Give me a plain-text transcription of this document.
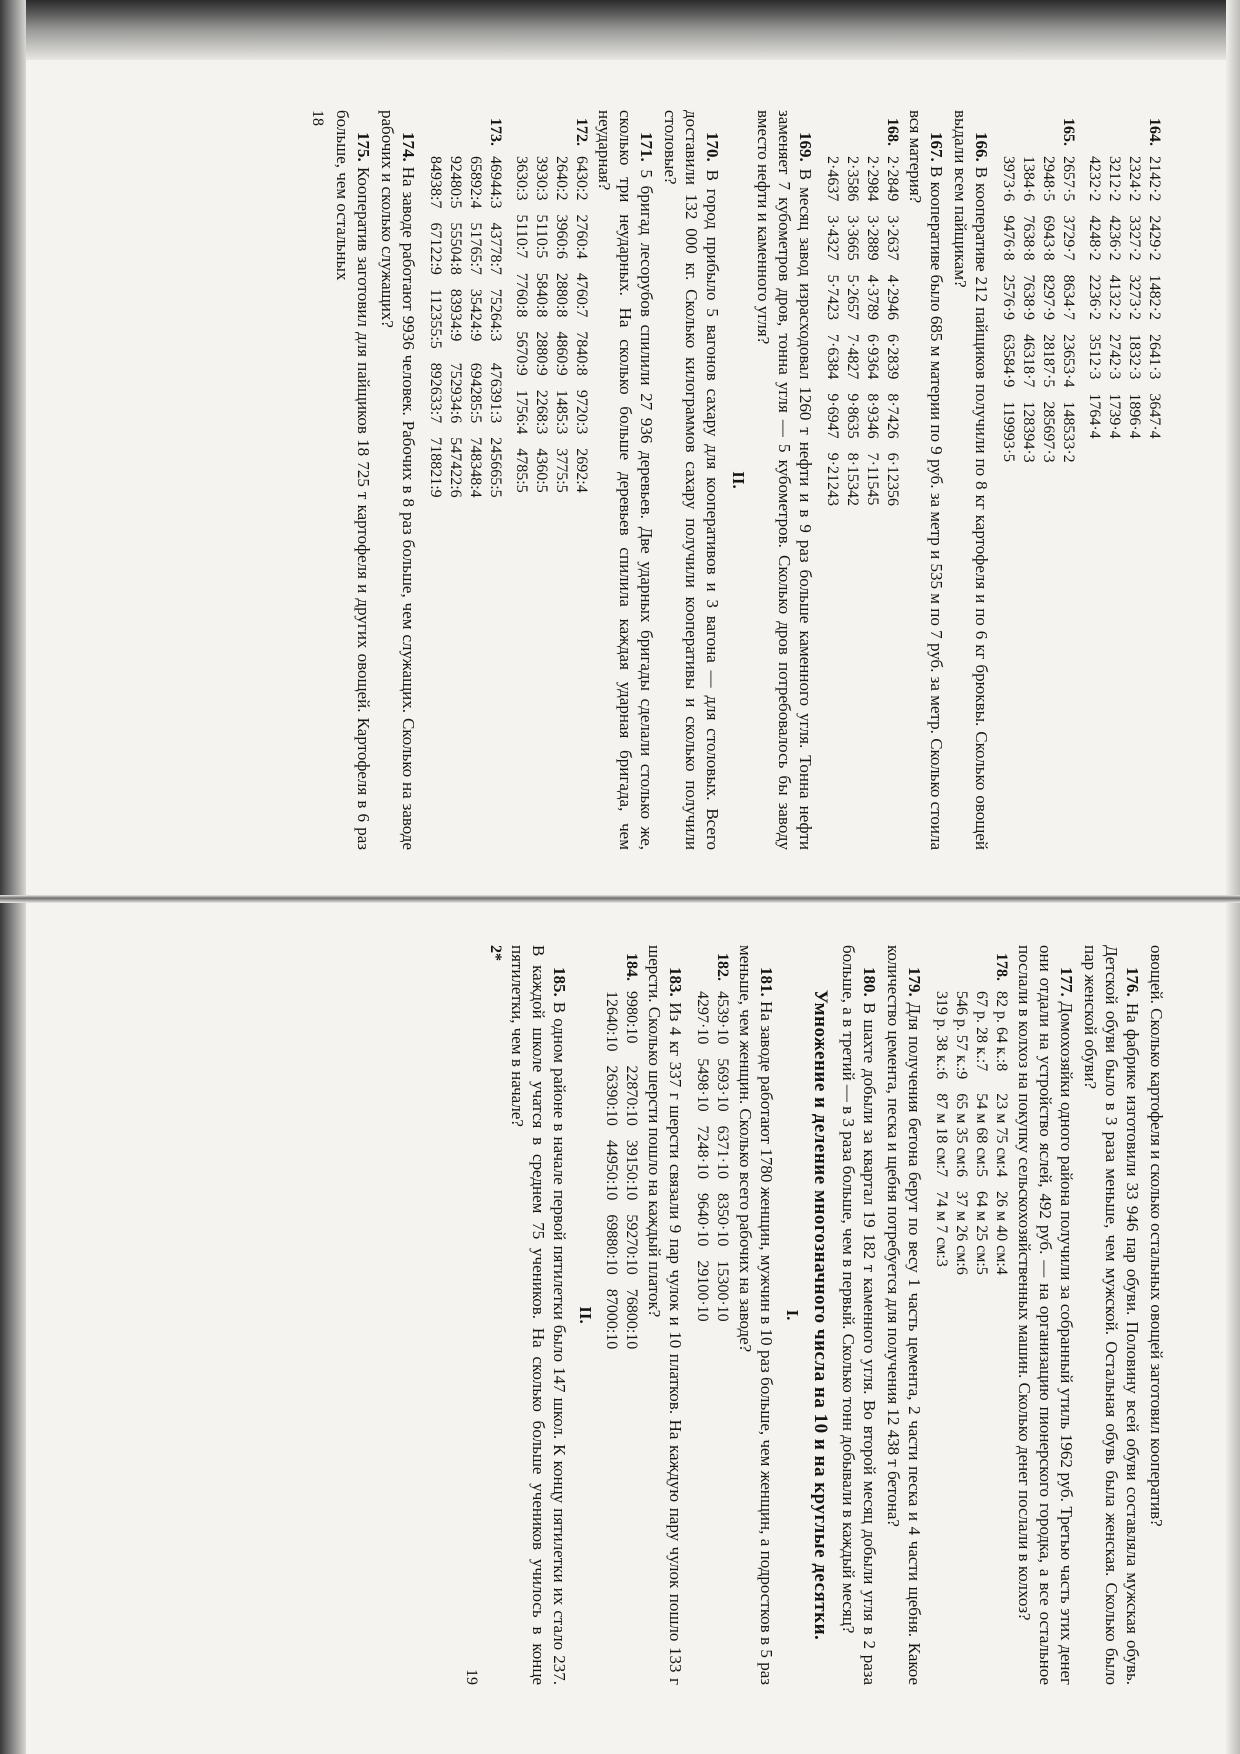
164.	2142·2	2429·2	1482·2	2641·3	3647·4
	2324·2	3327·2	3273·2	1832·3	1896·4
	3212·2	4236·2	4132·2	2742·3	1739·4
	4232·2	4248·2	2236·2	3512·3	1764·4
165.	2657·5	3729·7	8634·7	23653·4	148533·2
	2948·5	6943·8	8297·9	28187·5	285697·3
	1384·6	7638·8	7638·9	46318·7	128394·3
	3973·6	9476·8	2576·9	63584·9	119993·5

166. В кооперативе 212 пайщиков получили по 8 кг картофеля и по 6 кг брюквы. Сколько овощей выдали всем пайщикам?

167. В кооперативе было 685 м материи по 9 руб. за метр и 535 м по 7 руб. за метр. Сколько стоила вся материя?

168.	2·2849	3·2637	4·2946	6·2839	8·7426	6·12356
	2·2984	3·2889	4·3789	6·9364	8·9346	7·11545
	2·3586	3·3665	5·2657	7·4827	9·8635	8·15342
	2·4637	3·4327	5·7423	7·6384	9·6947	9·21243

169. В месяц завод израсходовал 1260 т нефти и в 9 раз больше каменного угля. Тонна нефти заменяет 7 кубометров дров, тонна угля — 5 кубометров. Сколько дров потребовалось бы заводу вместо нефти и каменного угля?

II.

170. В город прибыло 5 вагонов сахару для кооперативов и 3 вагона — для столовых. Всего доставили 132 000 кг. Сколько килограммов сахару получили кооперативы и сколько получили столовые?

171. 5 бригад лесорубов спилили 27 936 деревьев. Две ударных бригады сделали столько же, сколько три неударных. На сколько больше деревьев спилила каждая ударная бригада, чем неударная?

172.	6430:2	2760:4	4760:7	7840:8	9720:3	2692:4
	2640:2	3960:6	2880:8	4860:9	1485:3	3775:5
	3930:3	5110:5	5840:8	2880:9	2268:3	4360:5
	3630:3	5110:7	7760:8	5670:9	1756:4	4785:5
173.	46944:3	43778:7	75264:3	476391:3	245665:5
	65892:4	51765:7	35424:9	694285:5	748348:4
	92480:5	55504:8	83934:9	752934:6	547422:6
	84938:7	67122:9	112355:5	892633:7	718821:9

174. На заводе работают 9936 человек. Рабочих в 8 раз больше, чем служащих. Сколько на заводе рабочих и сколько служащих?

175. Кооператив заготовил для пайщиков 18 725 т картофеля и других овощей. Картофеля в 6 раз больше, чем остальных

18

овощей. Сколько картофеля и сколько остальных овощей заготовил кооператив?

176. На фабрике изготовили 33 946 пар обуви. Половину всей обуви составляла мужская обувь. Детской обуви было в 3 раза меньше, чем мужской. Остальная обувь была женская. Сколько было пар женской обуви?

177. Домохозяйки одного района получили за собранный утиль 1962 руб. Третью часть этих денег они отдали на устройство яслей, 492 руб. — на организацию пионерского городка, а все остальное послали в колхоз на покупку сельскохозяйственных машин. Сколько денег послали в колхоз?

178.	82 р. 64 к.:8	23 м 75 см:4	26 м 40 см:4
	67 р. 28 к.:7	54 м 68 см:5	64 м 25 см:5
	546 р. 57 к.:9	65 м 35 см:6	37 м 26 см:6
	319 р. 38 к.:6	87 м 18 см:7	74 м 7 см:3

179. Для получения бетона берут по весу 1 часть цемента, 2 части песка и 4 части щебня. Какое количество цемента, песка и щебня потребуется для получения 12 438 т бетона?

180. В шахте добыли за квартал 19 182 т каменного угля. Во второй месяц добыли угля в 2 раза больше, а в третий — в 3 раза больше, чем в первый. Сколько тонн добывали в каждый месяц?

Умножение и деление многозначного числа на 10 и на круглые десятки.
I.

181. На заводе работают 1780 женщин, мужчин в 10 раз больше, чем женщин, а подростков в 5 раз меньше, чем женщин. Сколько всего рабочих на заводе?

182.	4539·10	5693·10	6371·10	8350·10	15300·10
	4297·10	5498·10	7248·10	9640·10	29100·10

183. Из 4 кг 337 г шерсти связали 9 пар чулок и 10 платков. На каждую пару чулок пошло 133 г шерсти. Сколько шерсти пошло на каждый платок?

184.	9980:10	22870:10	39150:10	59270:10	76800:10
	12640:10	26390:10	44950:10	69880:10	87000:10
II.

185. В одном районе в начале первой пятилетки было 147 школ. К концу пятилетки их стало 237. В каждой школе учатся в среднем 75 учеников. На сколько больше учеников училось в конце пятилетки, чем в начале?

2*
19
